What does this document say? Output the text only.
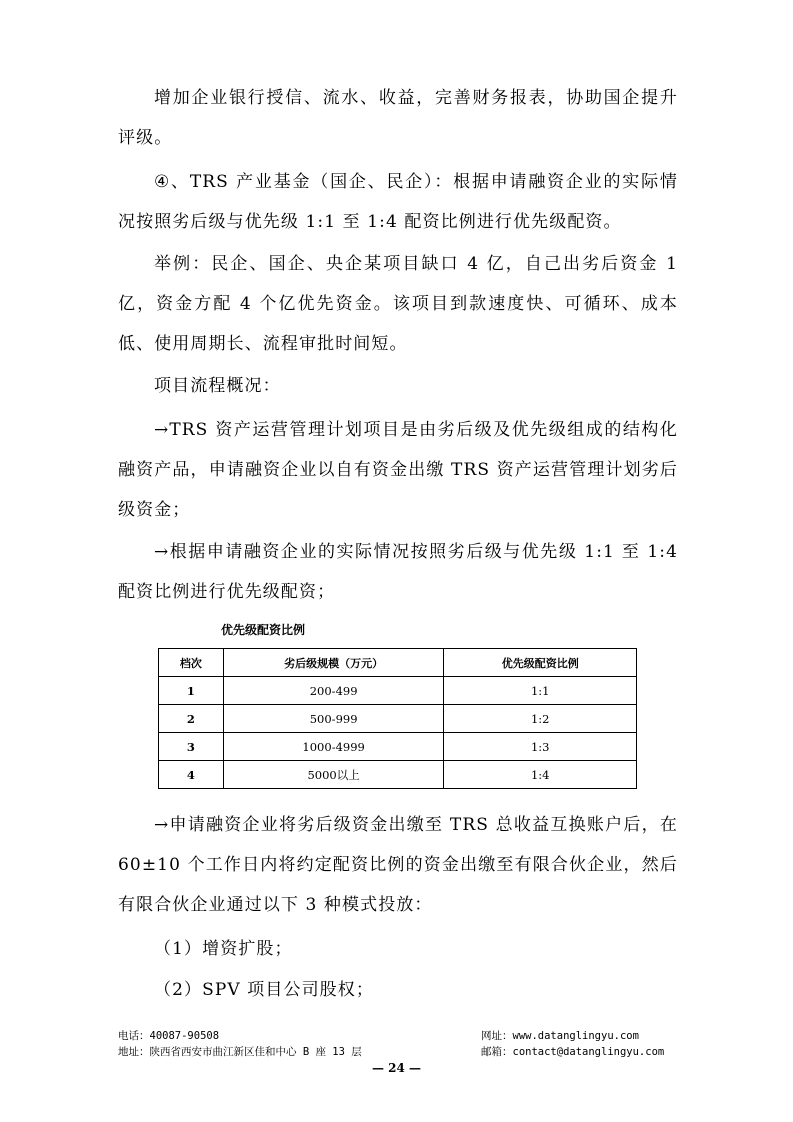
增加企业银行授信、流水、收益，完善财务报表，协助国企提升评级。

④、TRS 产业基金（国企、民企）：根据申请融资企业的实际情况按照劣后级与优先级 1:1 至 1:4 配资比例进行优先级配资。

举例：民企、国企、央企某项目缺口 4 亿，自己出劣后资金 1 亿，资金方配 4 个亿优先资金。该项目到款速度快、可循环、成本低、使用周期长、流程审批时间短。

项目流程概况：

→TRS 资产运营管理计划项目是由劣后级及优先级组成的结构化融资产品，申请融资企业以自有资金出缴 TRS 资产运营管理计划劣后级资金；

→根据申请融资企业的实际情况按照劣后级与优先级 1:1 至 1:4 配资比例进行优先级配资；

优先级配资比例
档次	劣后级规模（万元）	优先级配资比例
1	200-499	1:1
2	500-999	1:2
3	1000-4999	1:3
4	5000以上	1:4

→申请融资企业将劣后级资金出缴至 TRS 总收益互换账户后，在 60±10 个工作日内将约定配资比例的资金出缴至有限合伙企业，然后有限合伙企业通过以下 3 种模式投放：

（1）增资扩股；

（2）SPV 项目公司股权；

电话：40087-90508
地址：陕西省西安市曲江新区佳和中心 B 座 13 层
网址：www.datanglingyu.com
邮箱：contact@datanglingyu.com
— 24 —
